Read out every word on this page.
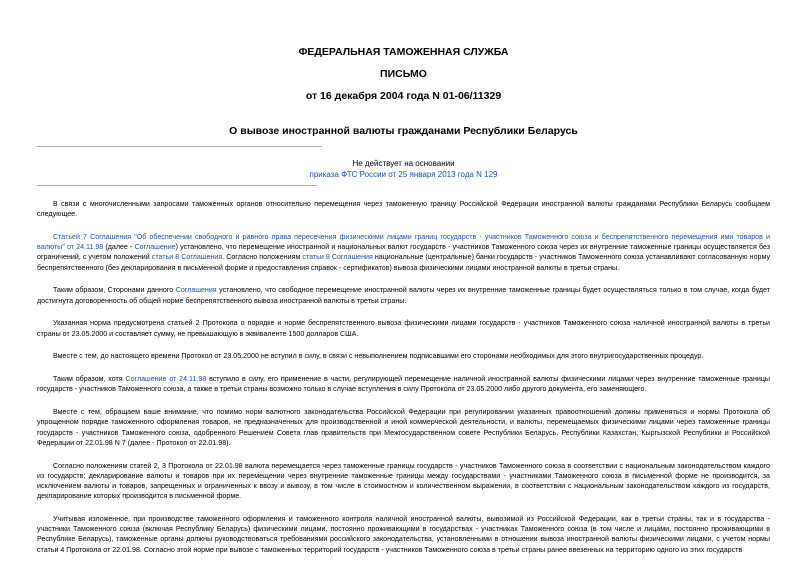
ФЕДЕРАЛЬНАЯ ТАМОЖЕННАЯ СЛУЖБА
ПИСЬМО
от 16 декабря 2004 года N 01-06/11329
О вывозе иностранной валюты гражданами Республики Беларусь
Не действует на основании
приказа ФТС России от 25 января 2013 года N 129

В связи с многочисленными запросами таможенных органов относительно перемещения через таможенную границу Российской Федерации иностранной валюты гражданами Республики Беларусь сообщаем следующее.

Статьей 7 Соглашения "Об обеспечении свободного и равного права пересечения физическими лицами границ государств - участников Таможенного союза и беспрепятственного перемещения ими товаров и валюты" от 24.11.98 (далее - Соглашение) установлено, что перемещение иностранной и национальных валют государств - участников Таможенного союза через их внутренние таможенные границы осуществляется без ограничений, с учетом положений статьи 8 Соглашения. Согласно положениям статьи 8 Соглашения национальные (центральные) банки государств - участников Таможенного союза устанавливают согласованную норму беспрепятственного (без декларирования в письменной форме и предоставления справок - сертификатов) вывоза физическими лицами иностранной валюты в третьи страны.

Таким образом, Сторонами данного Соглашения установлено, что свободное перемещение иностранной валюты через их внутренние таможенные границы будет осуществляться только в том случае, когда будет достигнута договоренность об общей норме беспрепятственного вывоза иностранной валюты в третьи страны.

Указанная норма предусмотрена статьей 2 Протокола о порядке и норме беспрепятственного вывоза физическими лицами государств - участников Таможенного союза наличной иностранной валюты в третьи страны от 23.05.2000 и составляет сумму, не превышающую в эквиваленте 1500 долларов США.

Вместе с тем, до настоящего времени Протокол от 23.05.2000 не вступил в силу, в связи с невыполнением подписавшими его сторонами необходимых для этого внутригосударственных процедур.

Таким образом, хотя Соглашение от 24.11.98 вступило в силу, его применение в части, регулирующей перемещение наличной иностранной валюты физическими лицами через внутренние таможенные границы государств - участников Таможенного союза, а также в третьи страны возможно только в случае вступления в силу Протокола от 23.05.2000 либо другого документа, его заменяющего.

Вместе с тем, обращаем ваше внимание, что помимо норм валютного законодательства Российской Федерации при регулировании указанных правоотношений должны применяться и нормы Протокола об упрощенном порядке таможенного оформления товаров, не предназначенных для производственной и иной коммерческой деятельности, и валюты, перемещаемых физическими лицами через таможенные границы государств - участников Таможенного союза, одобренного Решением Совета глав правительств при Межгосударственном совете Республики Беларусь, Республики Казахстан, Кыргызской Республики и Российской Федерации от 22.01.98 N 7 (далее - Протокол от 22.01.98).

Согласно положениям статей 2, 3 Протокола от 22.01.98 валюта перемещается через таможенные границы государств - участников Таможенного союза в соответствии с национальным законодательством каждого из государств; декларирование валюты и товаров при их перемещении через внутренние таможенные границы между государствами - участниками Таможенного союза в письменной форме не производится, за исключением валюты и товаров, запрещенных и ограниченных к ввозу и вывозу, в том числе в стоимостном и количественном выражении, в соответствии с национальным законодательством каждого из государств, декларирование которых производится в письменной форме.

Учитывая изложенное, при производстве таможенного оформления и таможенного контроля наличной иностранной валюты, вывозимой из Российской Федерации, как в третьи страны, так и в государства - участники Таможенного союза (включая Республику Беларусь) физическими лицами, постоянно проживающими в государствах - участниках Таможенного союза (в том числе и лицами, постоянно проживающими в Республике Беларусь), таможенные органы должны руководствоваться требованиями российского законодательства, установленными в отношении вывоза иностранной валюты физическими лицами, с учетом нормы статьи 4 Протокола от 22.01.98. Согласно этой норме при вывозе с таможенных территорий государств - участников Таможенного союза в третьи страны ранее ввезенных на территорию одного из этих государств
